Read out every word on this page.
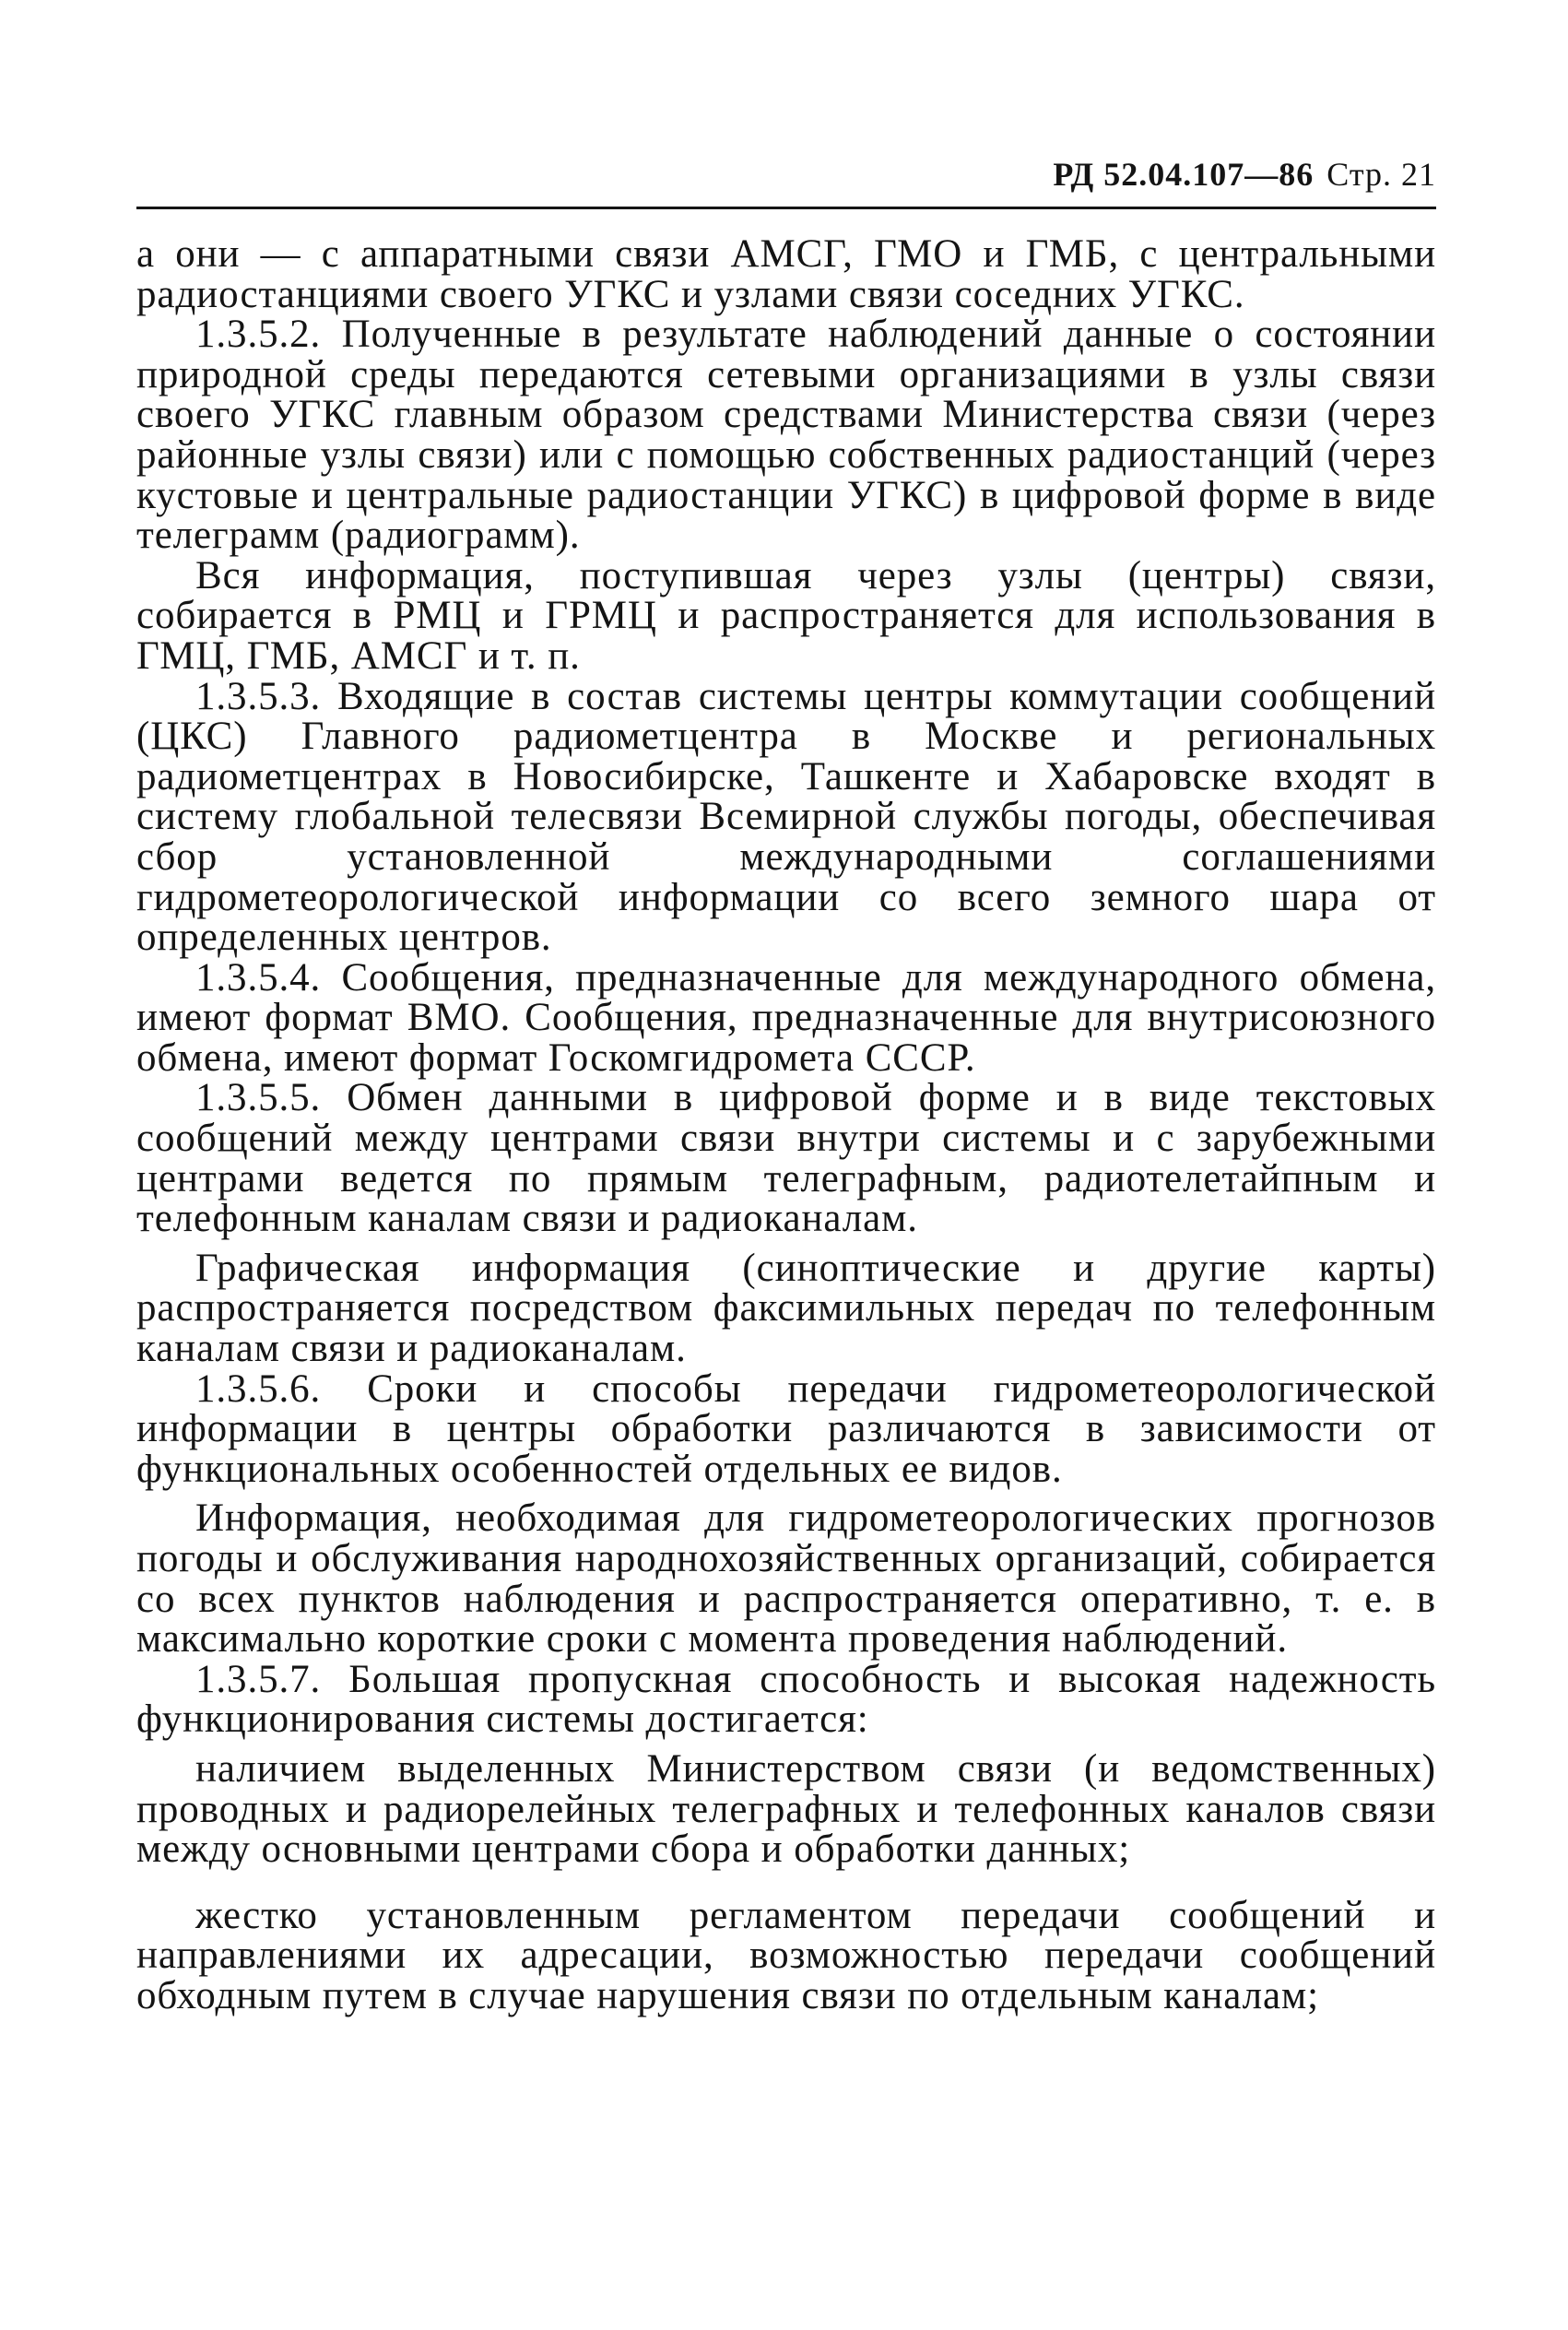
РД 52.04.107—86 Стр. 21

а они — с аппаратными связи АМСГ, ГМО и ГМБ, с центральными радиостанциями своего УГКС и узлами связи соседних УГКС.

1.3.5.2. Полученные в результате наблюдений данные о состоянии природной среды передаются сетевыми организациями в узлы связи своего УГКС главным образом средствами Министерства связи (через районные узлы связи) или с помощью собственных радиостанций (через кустовые и центральные радиостанции УГКС) в цифровой форме в виде телеграмм (радиограмм).

Вся информация, поступившая через узлы (центры) связи, собирается в РМЦ и ГРМЦ и распространяется для использования в ГМЦ, ГМБ, АМСГ и т. п.

1.3.5.3. Входящие в состав системы центры коммутации сообщений (ЦКС) Главного радиометцентра в Москве и региональных радиометцентрах в Новосибирске, Ташкенте и Хабаровске входят в систему глобальной телесвязи Всемирной службы погоды, обеспечивая сбор установленной международными соглашениями гидрометеорологической информации со всего земного шара от определенных центров.

1.3.5.4. Сообщения, предназначенные для международного обмена, имеют формат ВМО. Сообщения, предназначенные для внутрисоюзного обмена, имеют формат Госкомгидромета СССР.

1.3.5.5. Обмен данными в цифровой форме и в виде текстовых сообщений между центрами связи внутри системы и с зарубежными центрами ведется по прямым телеграфным, радиотелетайпным и телефонным каналам связи и радиоканалам.

Графическая информация (синоптические и другие карты) распространяется посредством факсимильных передач по телефонным каналам связи и радиоканалам.

1.3.5.6. Сроки и способы передачи гидрометеорологической информации в центры обработки различаются в зависимости от функциональных особенностей отдельных ее видов.

Информация, необходимая для гидрометеорологических прогнозов погоды и обслуживания народнохозяйственных организаций, собирается со всех пунктов наблюдения и распространяется оперативно, т. е. в максимально короткие сроки с момента проведения наблюдений.

1.3.5.7. Большая пропускная способность и высокая надежность функционирования системы достигается:

наличием выделенных Министерством связи (и ведомственных) проводных и радиорелейных телеграфных и телефонных каналов связи между основными центрами сбора и обработки данных;

жестко установленным регламентом передачи сообщений и направлениями их адресации, возможностью передачи сообщений обходным путем в случае нарушения связи по отдельным каналам;
